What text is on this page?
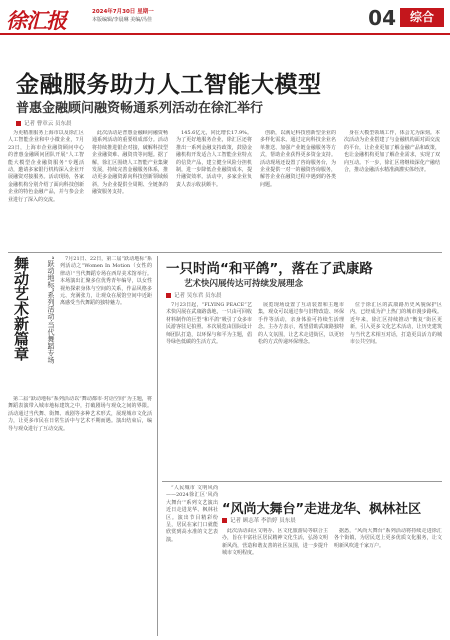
徐汇报	2024年7月30日 星期一
本版编辑/李晨琳 美编/冯佳	04	综合
金融服务助力人工智能大模型
普惠金融顾问融资畅通系列活动在徐汇举行
记者 曹章云 员东晨

为更精准服务上海市以及徐汇区人工智能企业和中小微企业，7月23日，上海市企业融资顾问中心的普惠金融顾问团队开展“人工智能大模型企业融资服务”专题活动，邀请多家银行机构深入企业开展融资对接服务。活动现场，各家金融机构分别介绍了面向科技创新企业的特色金融产品，并与参会企业进行了深入的交流。

此次活动是普惠金融顾问融资畅通系列活动的重要组成部分。活动将持续推进银企对接，破解科技型企业融资难、融资贵等问题。据了解，徐汇区围绕人工智能产业集聚发展，持续完善金融服务体系，推动更多金融资源向科技创新领域倾斜，为企业提供全周期、全链条的融资服务支持。

145.6亿元，同比增长17.9%。为了更好地服务企业，徐汇区还将推出一系列金融支持政策，鼓励金融机构开发适合人工智能企业特点的信贷产品，建立健全风险分担机制，进一步降低企业融资成本，提升融资效率。活动中，多家企业负责人表示收获颇丰。

创新，以满足科技创新型企业的多样化需求。通过定向科技企业名单推送、加强产业链金融服务等方式，帮助企业获得更多资金支持。活动现场还设置了咨询服务台，为企业提供一对一的融资咨询服务，解答企业在融资过程中遇到的各类问题。

身在大模型领域工作，体会尤为深刻。本次活动为企业搭建了与金融机构面对面交流的平台，让企业更加了解金融产品和政策，也让金融机构更加了解企业需求，实现了双向互动。下一步，徐汇区将继续深化产融结合，推动金融活水精准滴灌实体经济。

舞动艺术新篇章 “跃动地标”系列活动·当代舞蹈专场	7月21日、22日，第二届“跃动地标”系列活动之“Women In Motion（女性的律动）”当代舞蹈专场在西岸美术馆举行。本场演出汇聚多位优秀青年编导，以女性视角探索身体与空间的关系，作品风格多元、充满张力，让观众在展馆空间中近距离感受当代舞蹈的独特魅力。

第二届“跃动地标”系列活动以“舞动都市·对话空间”为主题，将舞蹈表演带入城市地标建筑之中，打破剧场与观众之间的界限。活动通过当代舞、街舞、戏剧等多种艺术形式，展现城市文化活力，让更多市民在日常生活中与艺术不期而遇。演出结束后，编导与观众进行了互动交流。

一只时尚“和平鸽”，落在了武康路
艺术快闪展传达可持续发展理念
记者 吴东君 员东晨

7月23日起，“FLYING PEACE”艺术快闪展在武康路落地，一只由可回收材料制作的巨型“和平鸽”吸引了众多市民游客驻足拍照。本次展览由国际设计师团队打造，以环保与和平为主题，倡导绿色低碳的生活方式。

展览现场设置了互动装置和主题市集，观众可以通过参与旧物改造、环保手作等活动，亲身体验可持续生活理念。主办方表示，希望借助武康路独特的人文氛围，让艺术走进街区，以更轻松的方式传递环保理念。

位于徐汇区的武康路历史风貌保护区内，已经成为沪上热门的城市漫步路线。近年来，徐汇区持续推动“衡复”街区更新，引入更多文化艺术活动，让历史建筑与当代艺术相互对话，打造更具活力的城市公共空间。

“风尚大舞台”走进龙华、枫林社区
记者 顾志革 李浩婷 员东晨

“人民城市 文明风尚——2024徐汇区‘风尚大舞台’”系列文艺演出近日走进龙华、枫林社区。演出节目精彩纷呈，居民在家门口就能欣赏到高水准的文艺表演。

此次活动由区文明办、区文化旅游局等联合主办，旨在丰富社区居民精神文化生活，弘扬文明新风尚，营造和谐友善的社区氛围，进一步提升城市文明程度。

据悉，“风尚大舞台”系列活动将持续走进徐汇各个街镇，为居民送上更多优质文化服务，让文明新风吹进千家万户。
